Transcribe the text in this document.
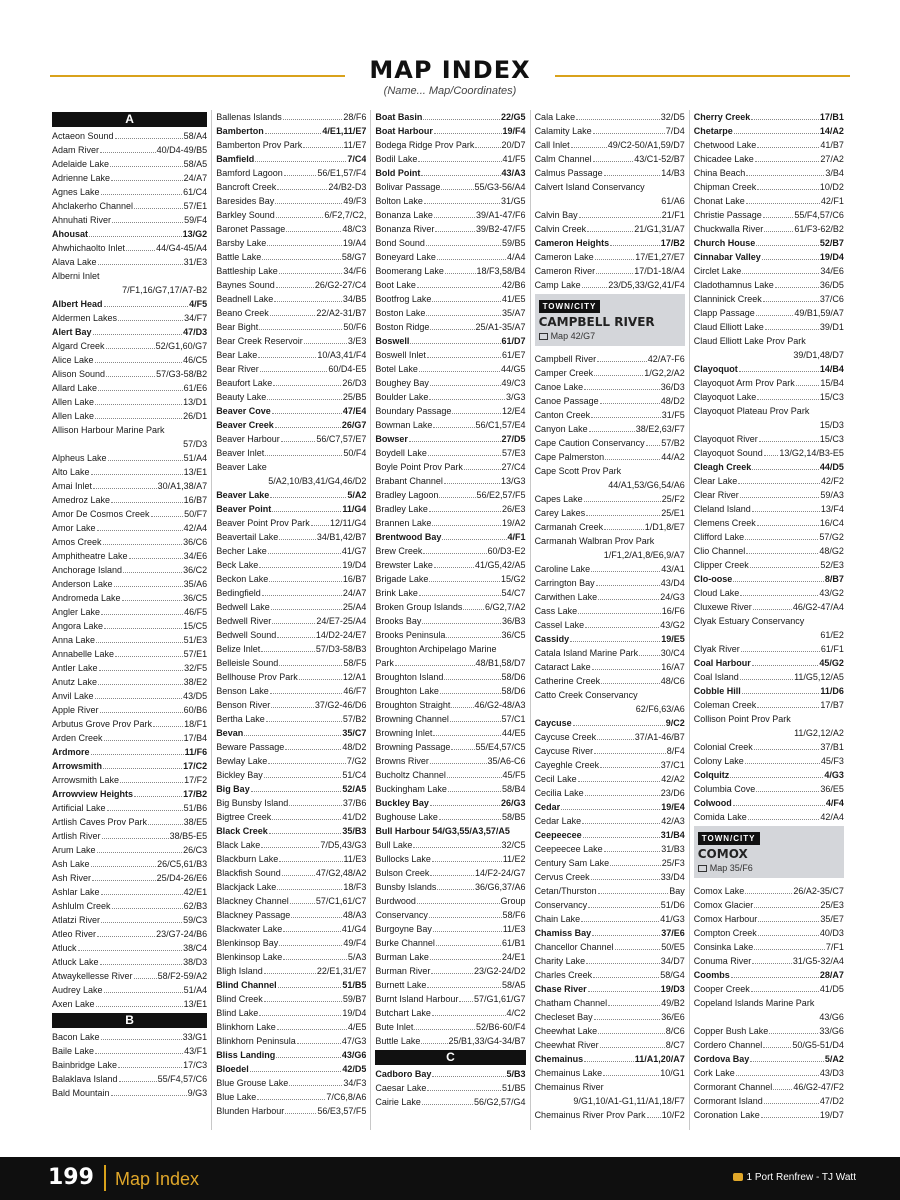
MAP INDEX
(Name... Map/Coordinates)
A
Actaeon Sound	58/A4
Adam River	40/D4-49/B5
Adelaide Lake	58/A5
Adrienne Lake	24/A7
Agnes Lake	61/C4
Ahclakerho Channel	57/E1
Ahnuhati River	59/F4
Ahousat	13/G2
Ahwhichaolto Inlet	44/G4-45/A4
Alava Lake	31/E3
Alberni Inlet
7/F1,16/G7,17/A7-B2
Albert Head	4/F5
Aldermen Lakes	34/F7
Alert Bay	47/D3
Algard Creek	52/G1,60/G7
Alice Lake	46/C5
Alison Sound	57/G3-58/B2
Allard Lake	61/E6
Allen Lake	13/D1
Allen Lake	26/D1
Allison Harbour Marine Park
57/D3
Alpheus Lake	51/A4
Alto Lake	13/E1
Amai Inlet	30/A1,38/A7
Amedroz Lake	16/B7
Amor De Cosmos Creek	50/F7
Amor Lake	42/A4
Amos Creek	36/C6
Amphitheatre Lake	34/E6
Anchorage Island	36/C2
Anderson Lake	35/A6
Andromeda Lake	36/C5
Angler Lake	46/F5
Angora Lake	15/C5
Anna Lake	51/E3
Annabelle Lake	57/E1
Antler Lake	32/F5
Anutz Lake	38/E2
Anvil Lake	43/D5
Apple River	60/B6
Arbutus Grove Prov Park	18/F1
Arden Creek	17/B4
Ardmore	11/F6
Arrowsmith	17/C2
Arrowsmith Lake	17/F2
Arrowview Heights	17/B2
Artificial Lake	51/B6
Artlish Caves Prov Park	38/E5
Artlish River	38/B5-E5
Arum Lake	26/C3
Ash Lake	26/C5,61/B3
Ash River	25/D4-26/E6
Ashlar Lake	42/E1
Ashlulm Creek	62/B3
Atlatzi River	59/C3
Atleo River	23/G7-24/B6
Atluck	38/C4
Atluck Lake	38/D3
Atwaykellesse River	58/F2-59/A2
Audrey Lake	51/A4
Axen Lake	13/E1
B
Bacon Lake	33/G1
Baile Lake	43/F1
Bainbridge Lake	17/C3
Balaklava Island	55/F4,57/C6
Bald Mountain	9/G3
Ballenas Islands	28/F6
Bamberton	4/E1,11/E7
Bamberton Prov Park	11/E7
Bamfield	7/C4
Bamford Lagoon	56/E1,57/F4
Bancroft Creek	24/B2-D3
Baresides Bay	49/F3
Barkley Sound	6/F2,7/C2,
Baronet Passage	48/C3
Barsby Lake	19/A4
Battle Lake	58/G7
Battleship Lake	34/F6
Baynes Sound	26/G2-27/C4
Beadnell Lake	34/B5
Beano Creek	22/A2-31/B7
Bear Bight	50/F6
Bear Creek Reservoir	3/E3
Bear Lake	10/A3,41/F4
Bear River	60/D4-E5
Beaufort Lake	26/D3
Beauty Lake	25/B5
Beaver Cove	47/E4
Beaver Creek	26/G7
Beaver Harbour	56/C7,57/E7
Beaver Inlet	50/F4
Beaver Lake
5/A2,10/B3,41/G4,46/D2
Beaver Lake	5/A2
Beaver Point	11/G4
Beaver Point Prov Park 12/11/G4
Beavertail Lake	34/B1,42/B7
Becher Lake	41/G7
Beck Lake	19/D4
Beckon Lake	16/B7
Bedingfield	24/A7
Bedwell Lake	25/A4
Bedwell River	24/E7-25/A4
Bedwell Sound	14/D2-24/E7
Belize Inlet	57/D3-58/B3
Belleisle Sound	58/F5
Bellhouse Prov Park	12/A1
Benson Lake	46/F7
Benson River	37/G2-46/D6
Bertha Lake	57/B2
Bevan	35/C7
Beware Passage	48/D2
Bewlay Lake	7/G2
Bickley Bay	51/C4
Big Bay	52/A5
Big Bunsby Island	37/B6
Bigtree Creek	41/D2
Black Creek	35/B3
Black Lake	7/D5,43/G3
Blackburn Lake	11/E3
Blackfish Sound	47/G2,48/A2
Blackjack Lake	18/F3
Blackney Channel	57/C1,61/C7
Blackney Passage	48/A3
Blackwater Lake	41/G4
Blenkinsop Bay	49/F4
Blenkinsop Lake	5/A3
Bligh Island	22/E1,31/E7
Blind Channel	51/B5
Blind Creek	59/B7
Blind Lake	19/D4
Blinkhorn Lake	4/E5
Blinkhorn Peninsula	47/G3
Bliss Landing	43/G6
Bloedel	42/D5
Blue Grouse Lake	34/F3
Blue Lake	7/C6,8/A6
Blunden Harbour	56/E3,57/F5
Boat Basin	22/G5
Boat Harbour	19/F4
Bodega Ridge Prov Park	20/D7
Bodil Lake	41/F5
Bold Point	43/A3
Bolivar Passage	55/G3-56/A4
Bolton Lake	31/G5
Bonanza Lake	39/A1-47/F6
Bonanza River	39/B2-47/F5
Bond Sound	59/B5
Boneyard Lake	4/A4
Boomerang Lake	18/F3,58/B4
Boot Lake	42/B6
Bootfrog Lake	41/E5
Boston Lake	35/A7
Boston Ridge	25/A1-35/A7
Boswell	61/D7
Boswell Inlet	61/E7
Botel Lake	44/G5
Boughey Bay	49/C3
Boulder Lake	3/G3
Boundary Passage	12/E4
Bowman Lake	56/C1,57/E4
Bowser	27/D5
Boydell Lake	57/E3
Boyle Point Prov Park	27/C4
Brabant Channel	13/G3
Bradley Lagoon	56/E2,57/F5
Bradley Lake	26/E3
Brannen Lake	19/A2
Brentwood Bay	4/F1
Brew Creek	60/D3-E2
Brewster Lake	41/G5,42/A5
Brigade Lake	15/G2
Brink Lake	54/C7
Broken Group Islands	6/G2,7/A2
Brooks Bay	36/B3
Brooks Peninsula	36/C5
Broughton Archipelago Marine
Park	48/B1,58/D7
Broughton Island	58/D6
Broughton Lake	58/D6
Broughton Straight	46/G2-48/A3
Browning Channel	57/C1
Browning Inlet	44/E5
Browning Passage	55/E4,57/C5
Browns River	35/A6-C6
Bucholtz Channel	45/F5
Buckingham Lake	58/B4
Buckley Bay	26/G3
Bughouse Lake	58/B5
Bull Harbour 54/G3,55/A3,57/A5
Bull Lake	32/C5
Bullocks Lake	11/E2
Bulson Creek	14/F2-24/G7
Bunsby Islands	36/G6,37/A6
Burdwood	Group
Conservancy	58/F6
Burgoyne Bay	11/E3
Burke Channel	61/B1
Burman Lake	24/E1
Burman River	23/G2-24/D2
Burnett Lake	58/A5
Burnt Island Harbour 57/G1,61/G7
Butchart Lake	4/C2
Bute Inlet	52/B6-60/F4
Buttle Lake	25/B1,33/G4-34/B7
C
Cadboro Bay	5/B3
Caesar Lake	51/B5
Cairie Lake	56/G2,57/G4
Cala Lake	32/D5
Calamity Lake	7/D4
Call Inlet	49/C2-50/A1,59/D7
Calm Channel	43/C1-52/B7
Calmus Passage	14/B3
Calvert Island Conservancy
61/A6
Calvin Bay	21/F1
Calvin Creek	21/G1,31/A7
Cameron Heights	17/B2
Cameron Lake	17/E1,27/E7
Cameron River	17/D1-18/A4
Camp Lake	23/D5,33/G2,41/F4
TOWN/CITY
CAMPBELL RIVER
Map 42/G7
Campbell River	42/A7-F6
Camper Creek	1/G2,2/A2
Canoe Lake	36/D3
Canoe Passage	48/D2
Canton Creek	31/F5
Canyon Lake	38/E2,63/F7
Cape Caution Conservancy 57/B2
Cape Palmerston	44/A2
Cape Scott Prov Park
44/A1,53/G6,54/A6
Capes Lake	25/F2
Carey Lakes	25/E1
Carmanah Creek	1/D1,8/E7
Carmanah Walbran Prov Park
1/F1,2/A1,8/E6,9/A7
Caroline Lake	43/A1
Carrington Bay	43/D4
Carwithen Lake	24/G3
Cass Lake	16/F6
Cassel Lake	43/G2
Cassidy	19/E5
Catala Island Marine Park	30/C4
Cataract Lake	16/A7
Catherine Creek	48/C6
Catto Creek Conservancy
62/F6,63/A6
Caycuse	9/C2
Caycuse Creek	37/A1-46/B7
Caycuse River	8/F4
Cayeghle Creek	37/C1
Cecil Lake	42/A2
Cecilia Lake	23/D6
Cedar	19/E4
Cedar Lake	42/A3
Ceepeecee	31/B4
Ceepeecee Lake	31/B3
Century Sam Lake	25/F3
Cervus Creek	33/D4
Cetan/Thurston	Bay
Conservancy	51/D6
Chain Lake	41/G3
Chamiss Bay	37/E6
Chancellor Channel	50/E5
Charity Lake	34/D7
Charles Creek	58/G4
Chase River	19/D3
Chatham Channel	49/B2
Checleset Bay	36/E6
Cheewhat Lake	8/C6
Cheewhat River	8/C7
Chemainus	11/A1,20/A7
Chemainus Lake	10/G1
Chemainus River
9/G1,10/A1-G1,11/A1,18/F7
Chemainus River Prov Park 10/F2
Cherry Creek	17/B1
Chetarpe	14/A2
Chetwood Lake	41/B7
Chicadee Lake	27/A2
China Beach	3/B4
Chipman Creek	10/D2
Chonat Lake	42/F1
Christie Passage	55/F4,57/C6
Chuckwalla River	61/F3-62/B2
Church House	52/B7
Cinnabar Valley	19/D4
Circlet Lake	34/E6
Cladothamnus Lake	36/D5
Clanninick Creek	37/C6
Clapp Passage	49/B1,59/A7
Claud Elliott Lake	39/D1
Claud Elliott Lake Prov Park
39/D1,48/D7
Clayoquot	14/B4
Clayoquot Arm Prov Park	15/B4
Clayoquot Lake	15/C3
Clayoquot Plateau Prov Park
15/D3
Clayoquot River	15/C3
Clayoquot Sound 13/G2,14/B3-E5
Cleagh Creek	44/D5
Clear Lake	42/F2
Clear River	59/A3
Cleland Island	13/F4
Clemens Creek	16/C4
Clifford Lake	57/G2
Clio Channel	48/G2
Clipper Creek	52/E3
Clo-oose	8/B7
Cloud Lake	43/G2
Cluxewe River	46/G2-47/A4
Clyak Estuary Conservancy
61/E2
Clyak River	61/F1
Coal Harbour	45/G2
Coal Island	11/G5,12/A5
Cobble Hill	11/D6
Coleman Creek	17/B7
Collison Point Prov Park
11/G2,12/A2
Colonial Creek	37/B1
Colony Lake	45/F3
Colquitz	4/G3
Columbia Cove	36/E5
Colwood	4/F4
Comida Lake	42/A4
TOWN/CITY
COMOX
Map 35/F6
Comox Lake	26/A2-35/C7
Comox Glacier	25/E3
Comox Harbour	35/E7
Compton Creek	40/D3
Consinka Lake	7/F1
Conuma River	31/G5-32/A4
Coombs	28/A7
Cooper Creek	41/D5
Copeland Islands Marine Park
43/G6
Copper Bush Lake	33/G6
Cordero Channel	50/G5-51/D4
Cordova Bay	5/A2
Cork Lake	43/D3
Cormorant Channel 46/G2-47/F2
Cormorant Island	47/D2
Coronation Lake	19/D7
199 Map Index	1 Port Renfrew - TJ Watt
